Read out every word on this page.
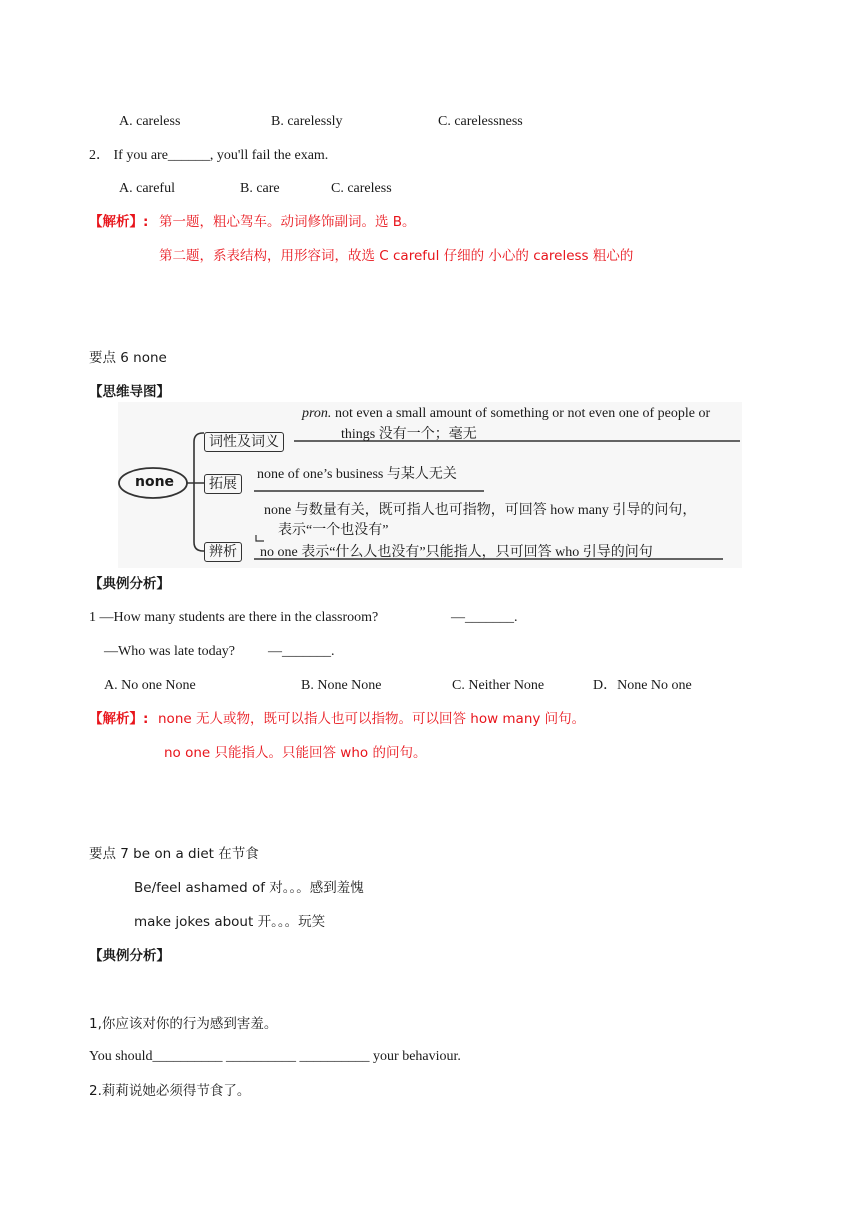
A. careless	B. carelessly	C. carelessness
2． If you are______, you'll fail the exam.
A. careful	B. care	C. careless
【解析】: 第一题，粗心驾车。动词修饰副词。选 B。
第二题，系表结构，用形容词，故选 C careful 仔细的 小心的 careless 粗心的
要点 6 none
【思维导图】
none
词性及词义
pron. not even a small amount of something or not even one of people or
things 没有一个；毫无
拓展
none of one’s business 与某人无关
辨析
none 与数量有关，既可指人也可指物，可回答 how many 引导的问句，
表示“一个也没有”
no one 表示“什么人也没有”只能指人，只可回答 who 引导的问句
【典例分析】
1 —How many students are there in the classroom?	—_______.
—Who was late today? —_______.
A. No one None	B. None None	C. Neither None	D．None No one
【解析】: none 无人或物，既可以指人也可以指物。可以回答 how many 问句。
no one 只能指人。只能回答 who 的问句。
要点 7 be on a diet 在节食
Be/feel ashamed of 对。。。感到羞愧
make jokes about 开。。。玩笑
【典例分析】
1,你应该对你的行为感到害羞。
You should__________ __________ __________ your behaviour.
2.莉莉说她必须得节食了。
